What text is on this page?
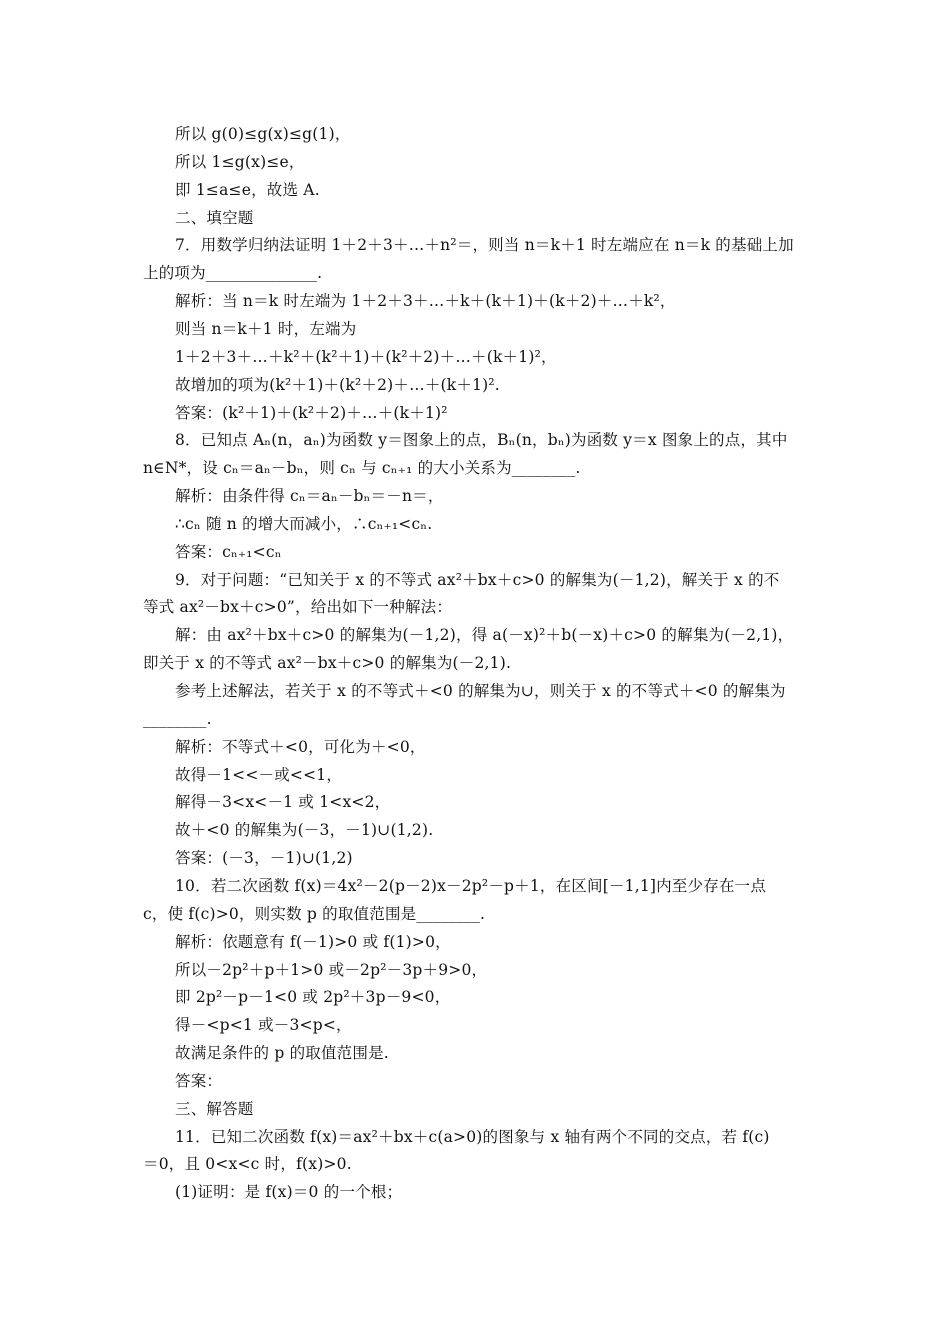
所以 g(0)≤g(x)≤g(1)，
所以 1≤g(x)≤e，
即 1≤a≤e，故选 A.
二、填空题
7．用数学归纳法证明 1＋2＋3＋…＋n²＝，则当 n＝k＋1 时左端应在 n＝k 的基础上加
上的项为______________.
解析：当 n＝k 时左端为 1＋2＋3＋…＋k＋(k＋1)＋(k＋2)＋…＋k²，
则当 n＝k＋1 时，左端为
1＋2＋3＋…＋k²＋(k²＋1)＋(k²＋2)＋…＋(k＋1)²，
故增加的项为(k²＋1)＋(k²＋2)＋…＋(k＋1)².
答案：(k²＋1)＋(k²＋2)＋…＋(k＋1)²
8．已知点 Aₙ(n，aₙ)为函数 y＝图象上的点，Bₙ(n，bₙ)为函数 y＝x 图象上的点，其中
n∈N*，设 cₙ＝aₙ－bₙ，则 cₙ 与 cₙ₊₁ 的大小关系为________.
解析：由条件得 cₙ＝aₙ－bₙ＝－n＝，
∴cₙ 随 n 的增大而减小，∴cₙ₊₁<cₙ.
答案：cₙ₊₁<cₙ
9．对于问题：“已知关于 x 的不等式 ax²＋bx＋c>0 的解集为(－1,2)，解关于 x 的不
等式 ax²－bx＋c>0”，给出如下一种解法：
解：由 ax²＋bx＋c>0 的解集为(－1,2)，得 a(－x)²＋b(－x)＋c>0 的解集为(－2,1)，
即关于 x 的不等式 ax²－bx＋c>0 的解集为(－2,1).
参考上述解法，若关于 x 的不等式＋<0 的解集为∪，则关于 x 的不等式＋<0 的解集为
________.
解析：不等式＋<0，可化为＋<0，
故得－1<<－或<<1，
解得－3<x<－1 或 1<x<2，
故＋<0 的解集为(－3，－1)∪(1,2).
答案：(－3，－1)∪(1,2)
10．若二次函数 f(x)＝4x²－2(p－2)x－2p²－p＋1，在区间[－1,1]内至少存在一点
c，使 f(c)>0，则实数 p 的取值范围是________.
解析：依题意有 f(－1)>0 或 f(1)>0，
所以－2p²＋p＋1>0 或－2p²－3p＋9>0，
即 2p²－p－1<0 或 2p²＋3p－9<0，
得－<p<1 或－3<p<，
故满足条件的 p 的取值范围是.
答案：
三、解答题
11．已知二次函数 f(x)＝ax²＋bx＋c(a>0)的图象与 x 轴有两个不同的交点，若 f(c)
＝0，且 0<x<c 时，f(x)>0.
(1)证明：是 f(x)＝0 的一个根；
